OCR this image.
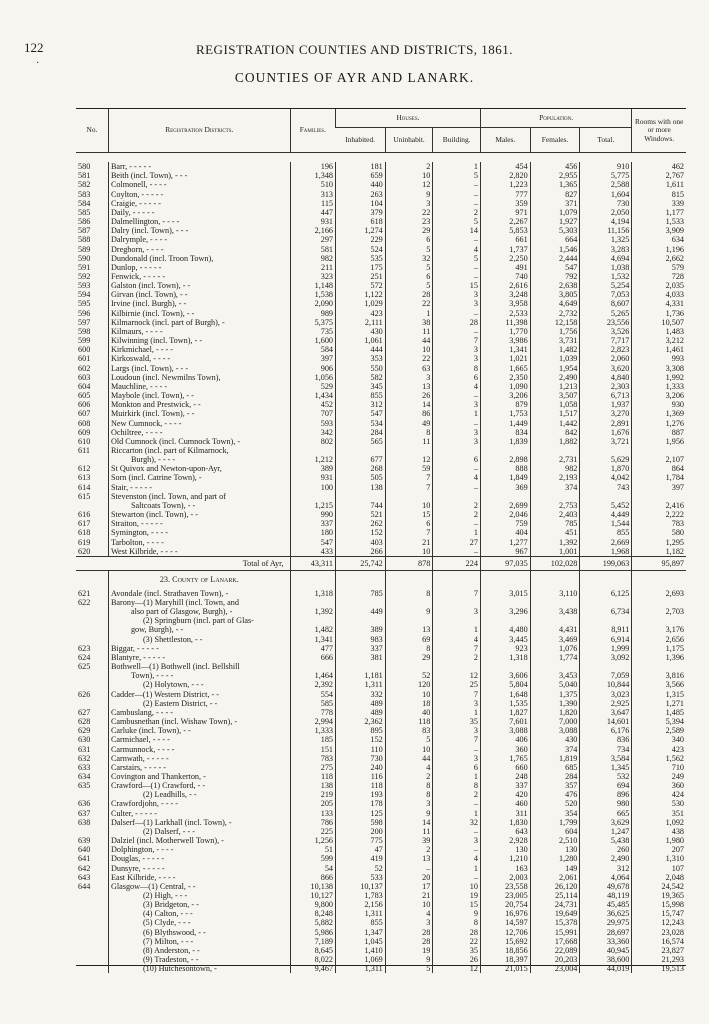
122
·
REGISTRATION COUNTIES AND DISTRICTS, 1861.
COUNTIES OF AYR AND LANARK.
No.	Registration Districts.	Families.	Houses.			Population.			Rooms with one or more Windows.
			Inhabited.	Uninhabit.	Building.	Males.	Females.	Total.	

580	Barr, - - - - -	196	181	2	1	454	456	910	462
581	Beith (incl. Town), - - -	1,348	659	10	5	2,820	2,955	5,775	2,767
582	Colmonell, - - - -	510	440	12	–	1,223	1,365	2,588	1,611
583	Coylton, - - - - -	313	263	9	–	777	827	1,604	815
584	Craigie, - - - - -	115	104	3	–	359	371	730	339
585	Daily, - - - - -	447	379	22	2	971	1,079	2,050	1,177
586	Dalmellington, - - - -	931	618	23	5	2,267	1,927	4,194	1,533
587	Dalry (incl. Town), - - -	2,166	1,274	29	14	5,853	5,303	11,156	3,909
588	Dalrymple, - - - -	297	229	6	–	661	664	1,325	634
589	Dreghorn, - - - -	581	524	5	4	1,737	1,546	3,283	1,196
590	Dundonald (incl. Troon Town),	982	535	32	5	2,250	2,444	4,694	2,662
591	Dunlop, - - - - -	211	175	5	–	491	547	1,038	579
592	Fenwick, - - - - -	323	251	6	–	740	792	1,532	728
593	Galston (incl. Town), - -	1,148	572	5	15	2,616	2,638	5,254	2,035
594	Girvan (incl. Town), - -	1,538	1,122	28	3	3,248	3,805	7,053	4,033
595	Irvine (incl. Burgh), - -	2,090	1,029	22	3	3,958	4,649	8,607	4,331
596	Kilbirnie (incl. Town), - -	989	423	1	–	2,533	2,732	5,265	1,736
597	Kilmarnock (incl. part of Burgh), -	5,375	2,111	38	28	11,398	12,158	23,556	10,507
598	Kilmaurs, - - - -	735	430	11	–	1,770	1,756	3,526	1,483
599	Kilwinning (incl. Town), - -	1,600	1,061	44	7	3,986	3,731	7,717	3,212
600	Kirkmichael, - - - -	584	444	10	3	1,341	1,482	2,823	1,461
601	Kirkoswald, - - - -	397	353	22	3	1,021	1,039	2,060	993
602	Largs (incl. Town), - - -	906	550	63	8	1,665	1,954	3,620	3,308
603	Loudoun (incl. Newmilns Town),	1,056	582	3	6	2,350	2,490	4,840	1,992
604	Mauchline, - - - -	529	345	13	4	1,090	1,213	2,303	1,333
605	Maybole (incl. Town), - -	1,434	855	26	–	3,206	3,507	6,713	3,206
606	Monkton and Prestwick, - -	452	312	14	3	879	1,058	1,937	930
607	Muirkirk (incl. Town), - -	707	547	86	1	1,753	1,517	3,270	1,369
608	New Cumnock, - - - -	593	534	49	–	1,449	1,442	2,891	1,276
609	Ochiltree, - - - -	342	284	8	3	834	842	1,676	887
610	Old Cumnock (incl. Cumnock Town), -	802	565	11	3	1,839	1,882	3,721	1,956
611	Riccarton (incl. part of Kilmarnock,								
	Burgh), - - - -	1,212	677	12	6	2,898	2,731	5,629	2,107
612	St Quivox and Newton-upon-Ayr,	389	268	59	–	888	982	1,870	864
613	Sorn (incl. Catrine Town), -	931	505	7	4	1,849	2,193	4,042	1,784
614	Stair, - - - - -	100	138	7	–	369	374	743	397
615	Stevenston (incl. Town, and part of								
	Saltcoats Town), - -	1,215	744	10	2	2,699	2,753	5,452	2,416
616	Stewarton (incl. Town), - -	990	521	15	2	2,046	2,403	4,449	2,222
617	Straiton, - - - - -	337	262	6	–	759	785	1,544	783
618	Symington, - - - -	180	152	7	1	404	451	855	580
619	Tarbolton, - - - -	547	403	21	27	1,277	1,392	2,669	1,295
620	West Kilbride, - - - -	433	266	10	–	967	1,001	1,968	1,182
Total of Ayr,		43,311	25,742	878	224	97,035	102,028	199,063	95,897
	23. County of Lanark.								
621	Avondale (incl. Strathaven Town), -	1,318	785	8	7	3,015	3,110	6,125	2,693
622	Barony—(1) Maryhill (incl. Town, and								
	also part of Glasgow, Burgh), -	1,392	449	9	3	3,296	3,438	6,734	2,703
	(2) Springburn (incl. part of Glas-								
	gow, Burgh), - -	1,482	389	13	1	4,480	4,431	8,911	3,176
	(3) Shettleston, - -	1,341	983	69	4	3,445	3,469	6,914	2,656
623	Biggar, - - - - -	477	337	8	7	923	1,076	1,999	1,175
624	Blantyre, - - - - -	666	381	29	2	1,318	1,774	3,092	1,396
625	Bothwell—(1) Bothwell (incl. Bellshill								
	Town), - - - -	1,464	1,181	52	12	3,606	3,453	7,059	3,816
	(2) Holytown, - - -	2,392	1,311	120	25	5,804	5,040	10,844	3,566
626	Cadder—(1) Western District, - -	554	332	10	7	1,648	1,375	3,023	1,315
	(2) Eastern District, - -	585	489	18	3	1,535	1,390	2,925	1,271
627	Cambuslang, - - - -	778	489	40	1	1,827	1,820	3,647	1,485
628	Cambusnethan (incl. Wishaw Town), -	2,994	2,362	118	35	7,601	7,000	14,601	5,394
629	Carluke (incl. Town), - -	1,333	895	83	3	3,088	3,088	6,176	2,589
630	Carmichael, - - - -	185	152	5	7	406	430	836	340
631	Carmunnock, - - - -	151	110	10	–	360	374	734	423
632	Carnwath, - - - - -	783	730	44	3	1,765	1,819	3,584	1,562
633	Carstairs, - - - - -	275	240	4	6	660	685	1,345	710
634	Covington and Thankerton, -	118	116	2	1	248	284	532	249
635	Crawford—(1) Crawford, - -	138	118	8	8	337	357	694	360
	(2) Leadhills, - -	219	193	8	2	420	476	896	424
636	Crawfordjohn, - - - -	205	178	3	–	460	520	980	530
637	Culter, - - - - -	133	125	9	1	311	354	665	351
638	Dalserf—(1) Larkhall (incl. Town), -	786	598	14	32	1,830	1,799	3,629	1,092
	(2) Dalserf, - - -	225	200	11	–	643	604	1,247	438
639	Dalziel (incl. Motherwell Town), -	1,256	775	39	3	2,928	2,510	5,438	1,980
640	Dolphington, - - - -	51	47	2	–	130	130	260	207
641	Douglas, - - - - -	599	419	13	4	1,210	1,280	2,490	1,310
642	Dunsyre, - - - - -	54	52	–	1	163	149	312	107
643	East Kilbride, - - - -	866	533	20	–	2,003	2,061	4,064	2,048
644	Glasgow—(1) Central, - -	10,138	10,137	17	10	23,558	26,120	49,678	24,542
	(2) High, - - -	10,127	1,783	21	19	23,005	25,114	48,119	19,365
	(3) Bridgeton, - -	9,800	2,156	10	15	20,754	24,731	45,485	15,998
	(4) Calton, - - -	8,248	1,311	4	9	16,976	19,649	36,625	15,747
	(5) Clyde, - - -	5,882	855	3	8	14,597	15,378	29,975	12,243
	(6) Blythswood, - -	5,986	1,347	28	28	12,706	15,991	28,697	23,028
	(7) Milton, - - -	7,189	1,045	28	22	15,692	17,668	33,360	16,574
	(8) Anderston, - -	8,645	1,410	19	35	18,856	22,089	40,945	23,827
	(9) Tradeston, - -	8,022	1,069	9	26	18,397	20,203	38,600	21,293
	(10) Hutchesontown, -	9,467	1,311	5	12	21,015	23,004	44,019	19,513
